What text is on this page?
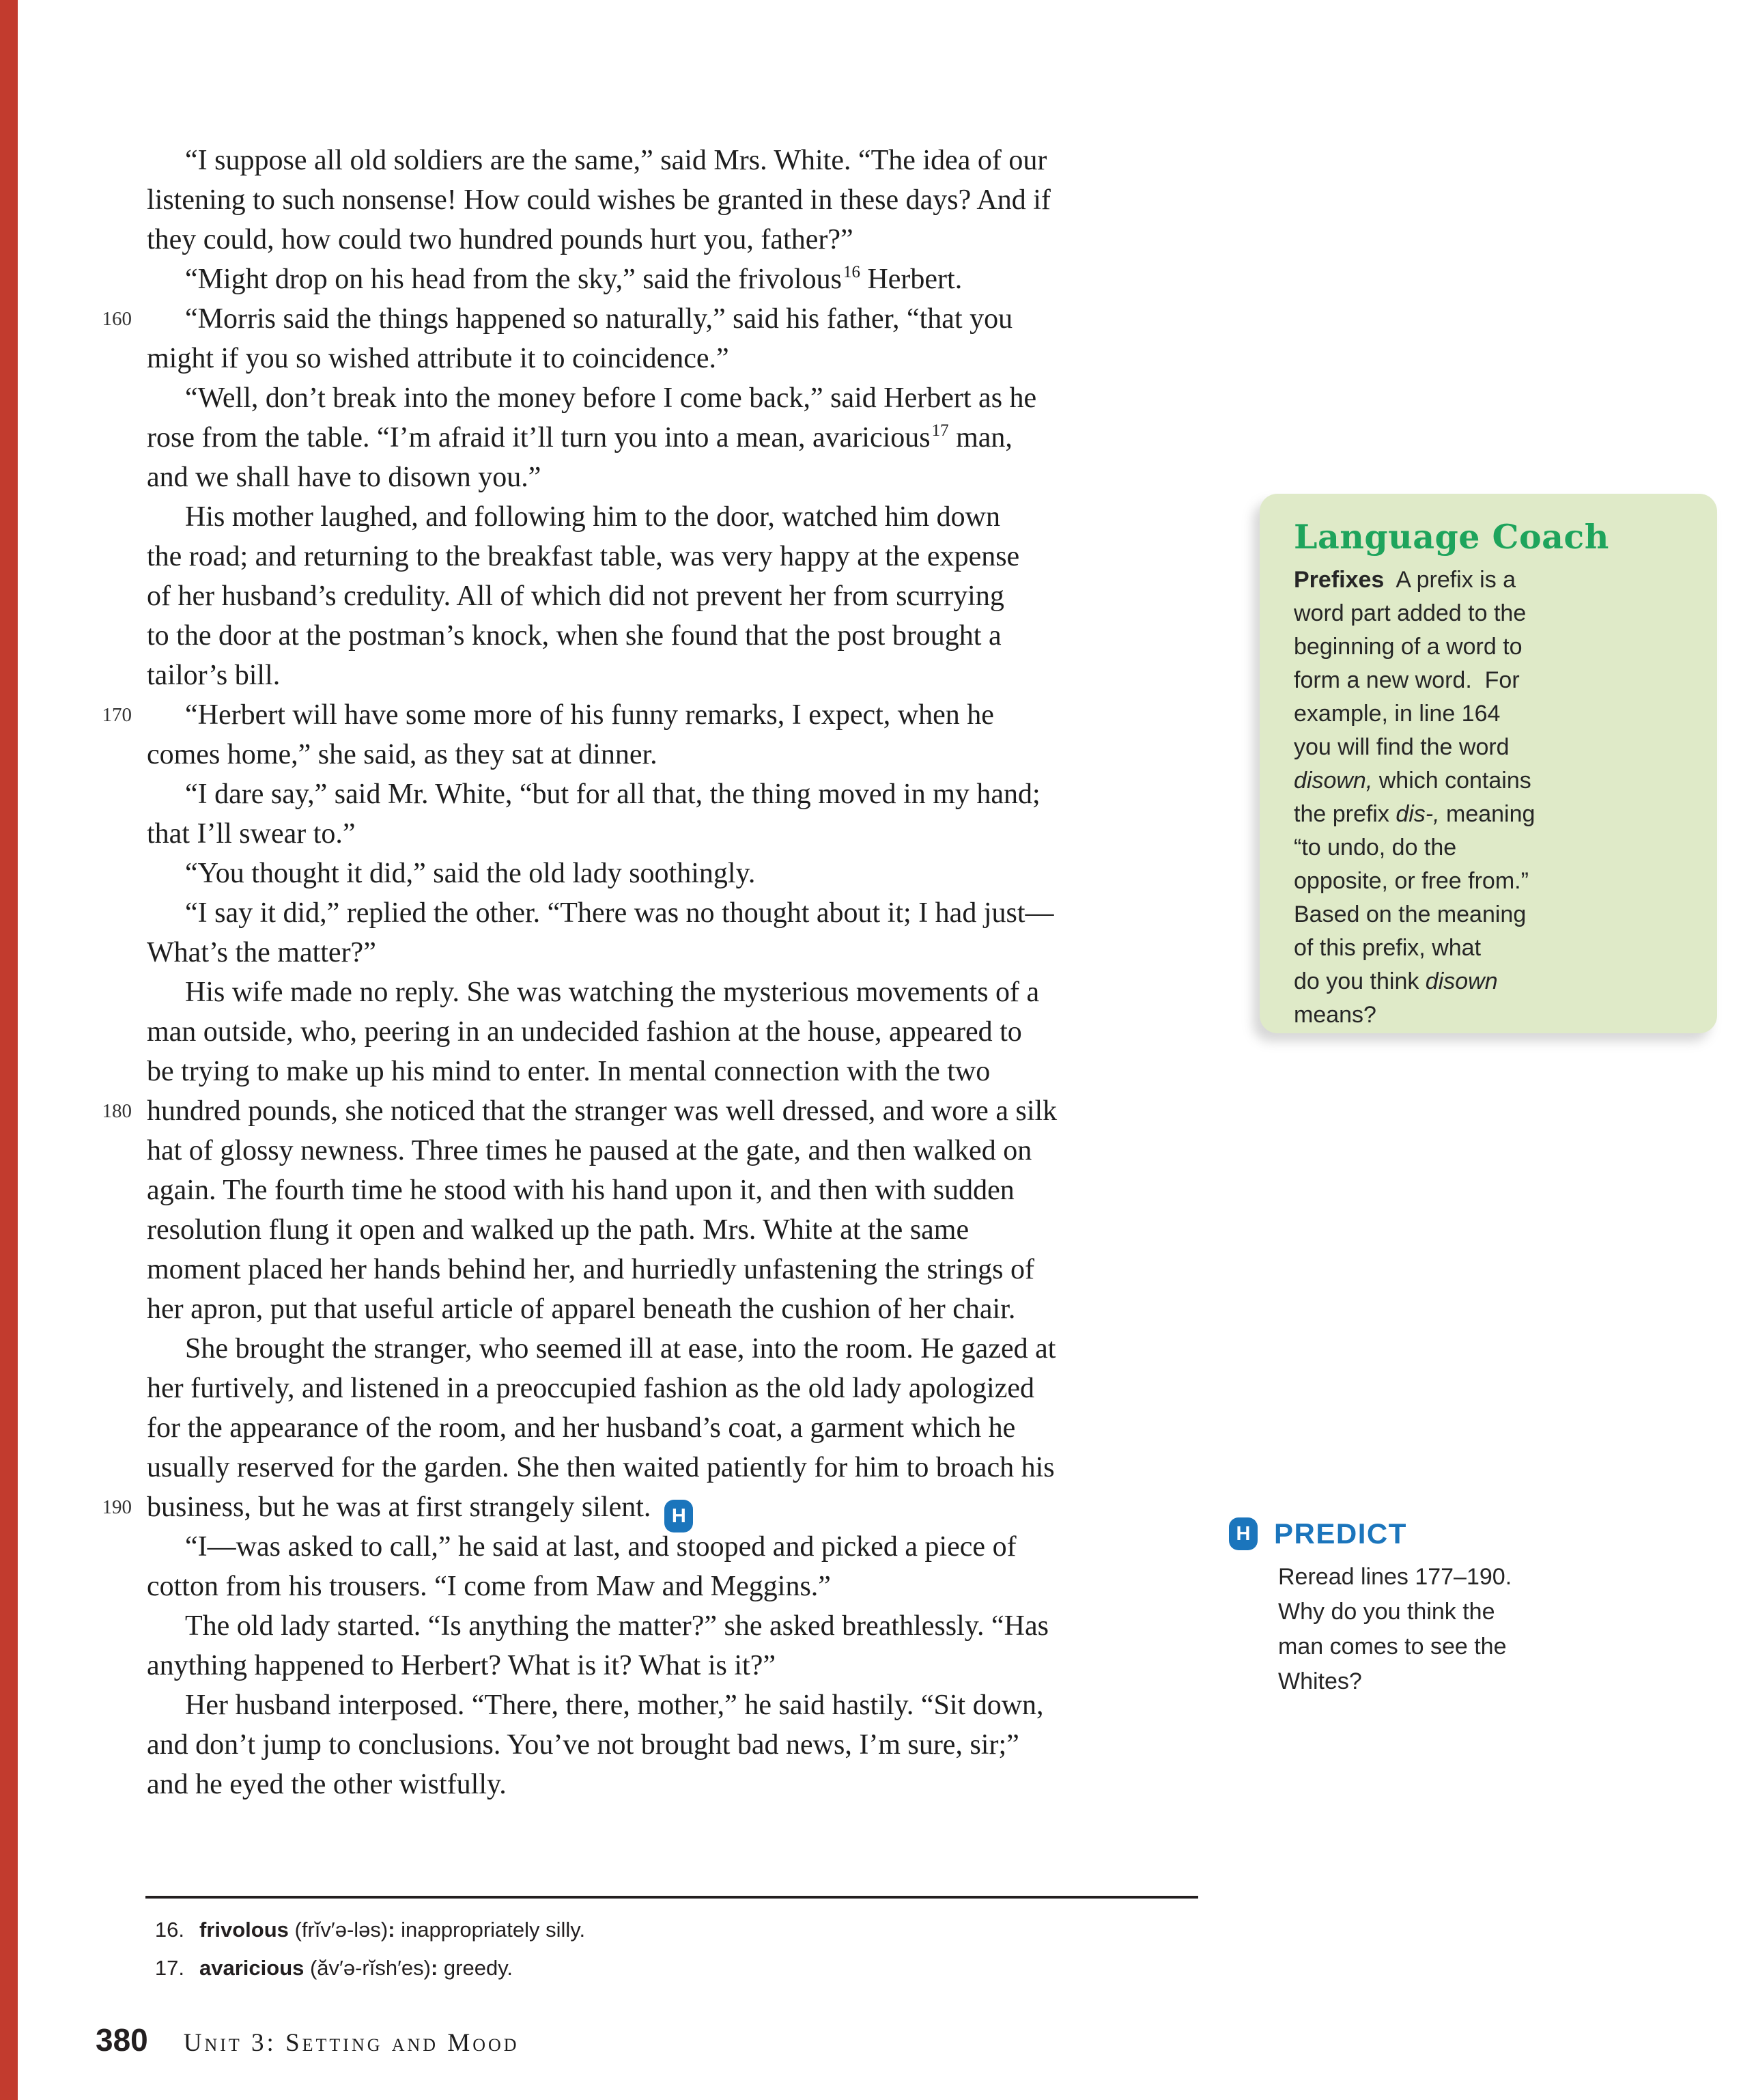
“I suppose all old soldiers are the same,” said Mrs. White. “The idea of our
listening to such nonsense! How could wishes be granted in these days? And if
they could, how could two hundred pounds hurt you, father?”
“Might drop on his head from the sky,” said the frivolous16 Herbert.
160 “Morris said the things happened so naturally,” said his father, “that you
might if you so wished attribute it to coincidence.”
“Well, don’t break into the money before I come back,” said Herbert as he
rose from the table. “I’m afraid it’ll turn you into a mean, avaricious17 man,
and we shall have to disown you.”
His mother laughed, and following him to the door, watched him down
the road; and returning to the breakfast table, was very happy at the expense
of her husband’s credulity. All of which did not prevent her from scurrying
to the door at the postman’s knock, when she found that the post brought a
tailor’s bill.
170 “Herbert will have some more of his funny remarks, I expect, when he
comes home,” she said, as they sat at dinner.
“I dare say,” said Mr. White, “but for all that, the thing moved in my hand;
that I’ll swear to.”
“You thought it did,” said the old lady soothingly.
“I say it did,” replied the other. “There was no thought about it; I had just—
What’s the matter?”
His wife made no reply. She was watching the mysterious movements of a
man outside, who, peering in an undecided fashion at the house, appeared to
be trying to make up his mind to enter. In mental connection with the two
180 hundred pounds, she noticed that the stranger was well dressed, and wore a silk
hat of glossy newness. Three times he paused at the gate, and then walked on
again. The fourth time he stood with his hand upon it, and then with sudden
resolution flung it open and walked up the path. Mrs. White at the same
moment placed her hands behind her, and hurriedly unfastening the strings of
her apron, put that useful article of apparel beneath the cushion of her chair.
She brought the stranger, who seemed ill at ease, into the room. He gazed at
her furtively, and listened in a preoccupied fashion as the old lady apologized
for the appearance of the room, and her husband’s coat, a garment which he
usually reserved for the garden. She then waited patiently for him to broach his
190 business, but he was at first strangely silent. H
“I—was asked to call,” he said at last, and stooped and picked a piece of
cotton from his trousers. “I come from Maw and Meggins.”
The old lady started. “Is anything the matter?” she asked breathlessly. “Has
anything happened to Herbert? What is it? What is it?”
Her husband interposed. “There, there, mother,” he said hastily. “Sit down,
and don’t jump to conclusions. You’ve not brought bad news, I’m sure, sir;”
and he eyed the other wistfully.
Language Coach
Prefixes  A prefix is a
word part added to the
beginning of a word to
form a new word.  For
example, in line 164
you will find the word
disown, which contains
the prefix dis-, meaning
“to undo, do the
opposite, or free from.”
Based on the meaning
of this prefix, what
do you think disown
means?
H PREDICT
Reread lines 177–190.
Why do you think the
man comes to see the
Whites?
16. frivolous (frĭv′ə-ləs) : inappropriately silly.
17. avaricious (ăv′ə-rĭsh′es) : greedy.
380 Unit 3: Setting and Mood
